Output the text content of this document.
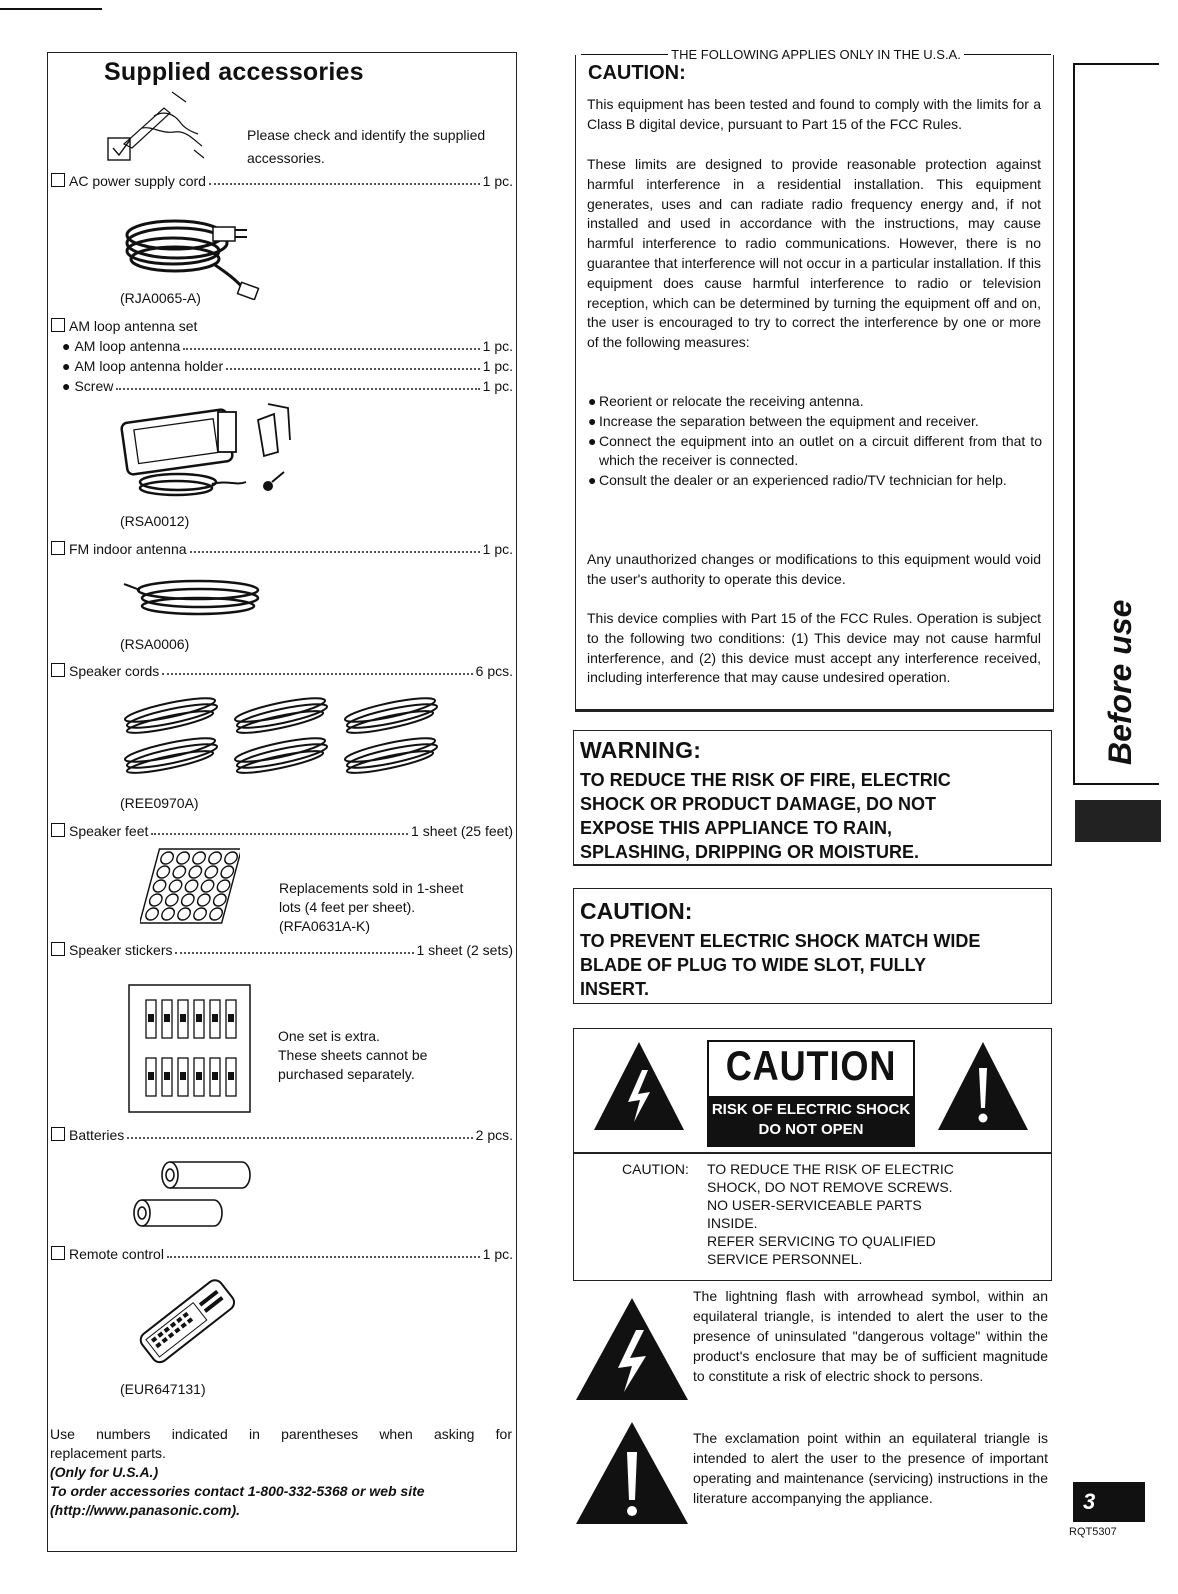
Supplied accessories
Please check and identify the supplied accessories.
AC power supply cord	1 pc.
(RJA0065-A)
AM loop antenna set
● AM loop antenna	1 pc.
● AM loop antenna holder	1 pc.
● Screw	1 pc.
(RSA0012)
FM indoor antenna	1 pc.
(RSA0006)
Speaker cords	6 pcs.
(REE0970A)
Speaker feet	1 sheet (25 feet)
Replacements sold in 1-sheet
lots (4 feet per sheet).
(RFA0631A-K)
Speaker stickers	1 sheet (2 sets)
One set is extra.
These sheets cannot be
purchased separately.
Batteries	2 pcs.
Remote control	1 pc.
(EUR647131)
Use numbers indicated in parentheses when asking for
replacement parts.
(Only for U.S.A.)
To order accessories contact 1-800-332-5368 or web site
(http://www.panasonic.com).
THE FOLLOWING APPLIES ONLY IN THE U.S.A.
CAUTION:
This equipment has been tested and found to comply with the limits for a Class B digital device, pursuant to Part 15 of the FCC Rules.
These limits are designed to provide reasonable protection against harmful interference in a residential installation. This equipment generates, uses and can radiate radio frequency energy and, if not installed and used in accordance with the instructions, may cause harmful interference to radio communications. However, there is no guarantee that interference will not occur in a particular installation. If this equipment does cause harmful interference to radio or television reception, which can be determined by turning the equipment off and on, the user is encouraged to try to correct the interference by one or more of the following measures:
● Reorient or relocate the receiving antenna.
● Increase the separation between the equipment and receiver.
● Connect the equipment into an outlet on a circuit different from that to which the receiver is connected.
● Consult the dealer or an experienced radio/TV technician for help.
Any unauthorized changes or modifications to this equipment would void the user's authority to operate this device.
This device complies with Part 15 of the FCC Rules. Operation is subject to the following two conditions: (1) This device may not cause harmful interference, and (2) this device must accept any interference received, including interference that may cause undesired operation.
WARNING:
TO REDUCE THE RISK OF FIRE, ELECTRIC
SHOCK OR PRODUCT DAMAGE, DO NOT
EXPOSE THIS APPLIANCE TO RAIN,
SPLASHING, DRIPPING OR MOISTURE.
CAUTION:
TO PREVENT ELECTRIC SHOCK MATCH WIDE
BLADE OF PLUG TO WIDE SLOT, FULLY
INSERT.
CAUTION
RISK OF ELECTRIC SHOCK
DO NOT OPEN
CAUTION: TO REDUCE THE RISK OF ELECTRIC
SHOCK, DO NOT REMOVE SCREWS.
NO USER-SERVICEABLE PARTS
INSIDE.
REFER SERVICING TO QUALIFIED
SERVICE PERSONNEL.
The lightning flash with arrowhead symbol, within an equilateral triangle, is intended to alert the user to the presence of uninsulated "dangerous voltage" within the product's enclosure that may be of sufficient magnitude to constitute a risk of electric shock to persons.
The exclamation point within an equilateral triangle is intended to alert the user to the presence of important operating and maintenance (servicing) instructions in the literature accompanying the appliance.
Before use
3
RQT5307
